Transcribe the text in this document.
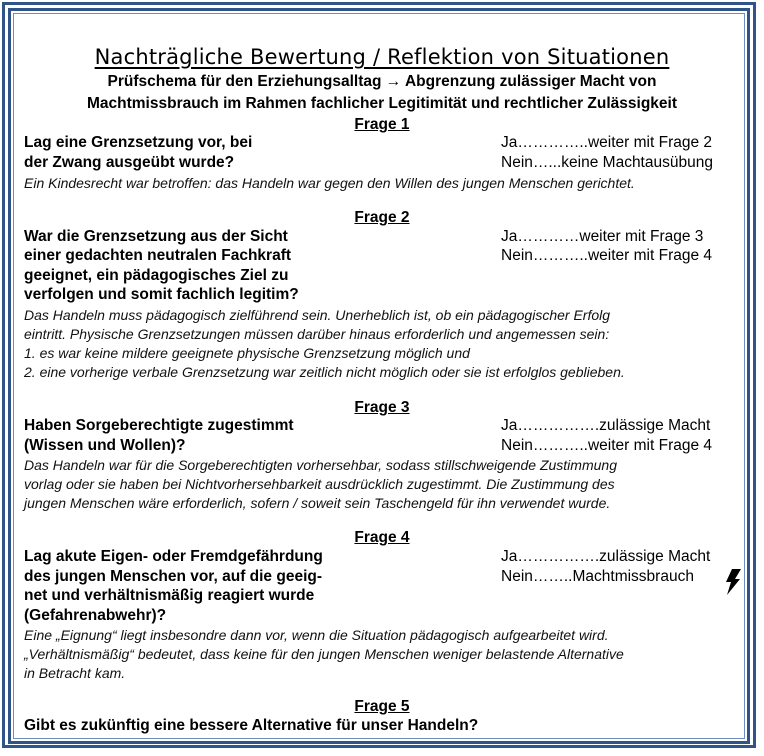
Nachträgliche Bewertung / Reflektion von Situationen
Prüfschema für den Erziehungsalltag → Abgrenzung zulässiger Macht von
Machtmissbrauch im Rahmen fachlicher Legitimität und rechtlicher Zulässigkeit
Frage 1
Lag eine Grenzsetzung vor, bei
der Zwang ausgeübt wurde?
Ja…………..weiter mit Frage 2
Nein…...keine Machtausübung
Ein Kindesrecht war betroffen: das Handeln war gegen den Willen des jungen Menschen gerichtet.
Frage 2
War die Grenzsetzung aus der Sicht
einer gedachten neutralen Fachkraft
geeignet, ein pädagogisches Ziel zu
verfolgen und somit fachlich legitim?
Ja…………weiter mit Frage 3
Nein………..weiter mit Frage 4
Das Handeln muss pädagogisch zielführend sein. Unerheblich ist, ob ein pädagogischer Erfolg
eintritt. Physische Grenzsetzungen müssen darüber hinaus erforderlich und angemessen sein:
1. es war keine mildere geeignete physische Grenzsetzung möglich und
2. eine vorherige verbale Grenzsetzung war zeitlich nicht möglich oder sie ist erfolglos geblieben.
Frage 3
Haben Sorgeberechtigte zugestimmt
(Wissen und Wollen)?
Ja…………….zulässige Macht
Nein………..weiter mit Frage 4
Das Handeln war für die Sorgeberechtigten vorhersehbar, sodass stillschweigende Zustimmung
vorlag oder sie haben bei Nichtvorhersehbarkeit ausdrücklich zugestimmt. Die Zustimmung des
jungen Menschen wäre erforderlich, sofern / soweit sein Taschengeld für ihn verwendet wurde.
Frage 4
Lag akute Eigen- oder Fremdgefährdung
des jungen Menschen vor, auf die geeig-
net und verhältnismäßig reagiert wurde
(Gefahrenabwehr)?
Ja…………….zulässige Macht
Nein……..Machtmissbrauch
Eine „Eignung“ liegt insbesondre dann vor, wenn die Situation pädagogisch aufgearbeitet wird.
„Verhältnismäßig“ bedeutet, dass keine für den jungen Menschen weniger belastende Alternative
in Betracht kam.
Frage 5
Gibt es zukünftig eine bessere Alternative für unser Handeln?
